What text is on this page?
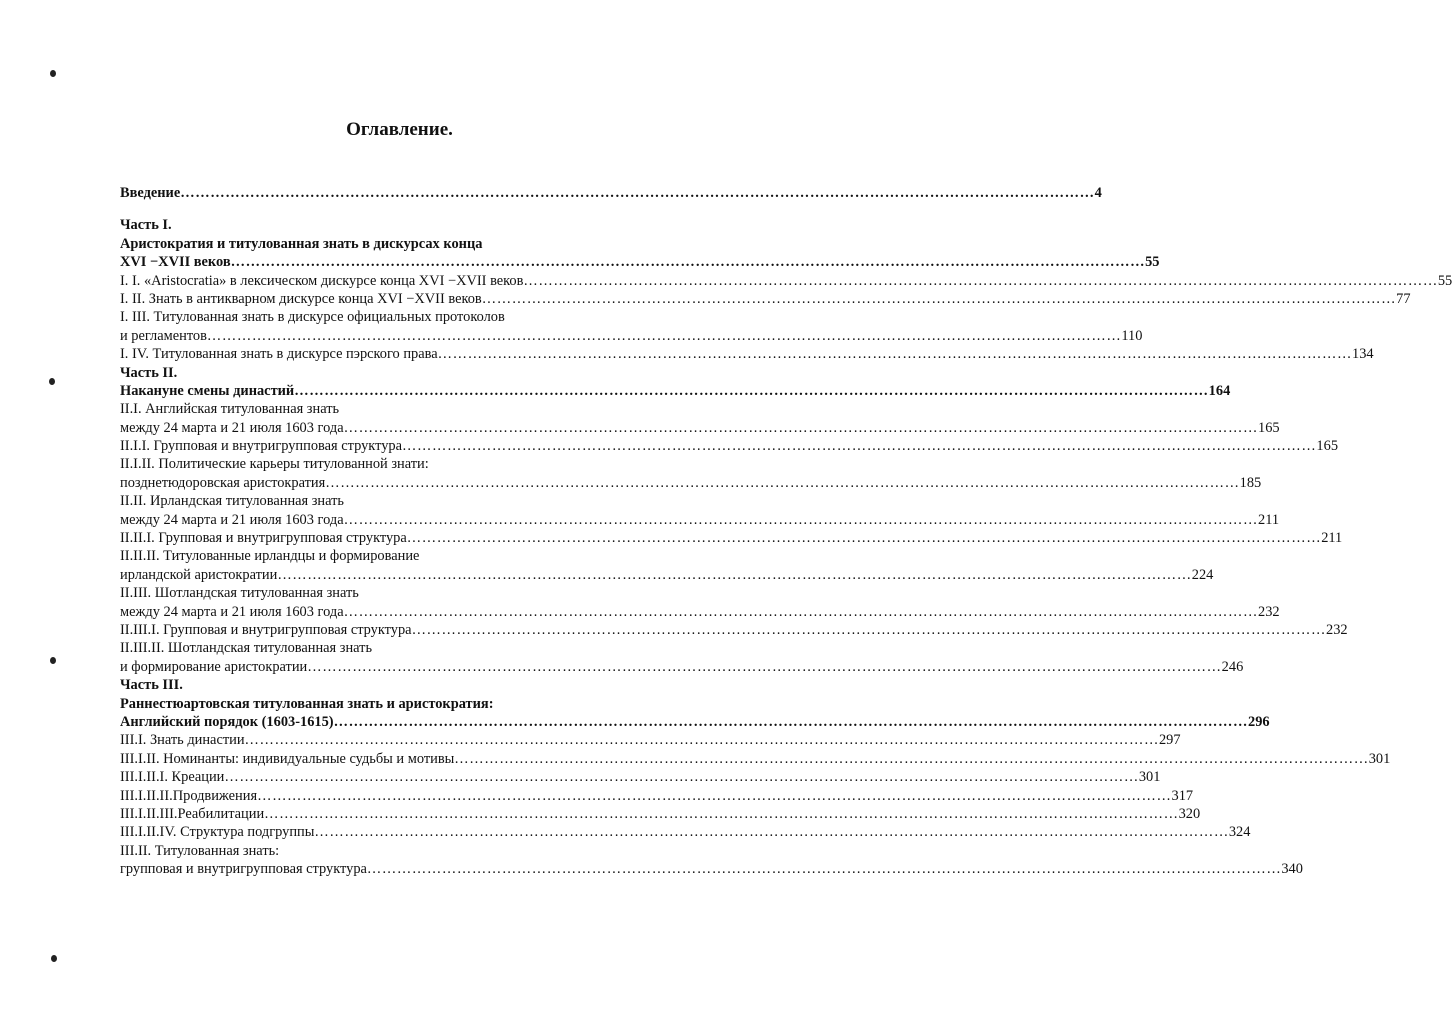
Оглавление.
Введение ………………………………………………………………………………………………………………………………………………………………… 4
Часть I.
Аристократия и титулованная знать в дискурсах конца
XVI −XVII веков ………………………………………………………………………………………………………………………………………………………………… 55
I. I. «Aristocratia» в лексическом дискурсе конца XVI −XVII веков ………………………………………………………………………………………………………………………………………………………………… 55
I. II. Знать в антикварном дискурсе конца XVI −XVII веков ………………………………………………………………………………………………………………………………………………………………… 77
I. III. Титулованная знать в дискурсе официальных протоколов
и регламентов ………………………………………………………………………………………………………………………………………………………………… 110
I. IV. Титулованная знать в дискурсе пэрского права ………………………………………………………………………………………………………………………………………………………………… 134
Часть II.
Накануне смены династий ………………………………………………………………………………………………………………………………………………………………… 164
II.I. Английская титулованная знать
между 24 марта и 21 июля 1603 года ………………………………………………………………………………………………………………………………………………………………… 165
II.I.I. Групповая и внутригрупповая структура ………………………………………………………………………………………………………………………………………………………………… 165
II.I.II. Политические карьеры титулованной знати:
позднетюдоровская аристократия ………………………………………………………………………………………………………………………………………………………………… 185
II.II. Ирландская титулованная знать
между 24 марта и 21 июля 1603 года ………………………………………………………………………………………………………………………………………………………………… 211
II.II.I. Групповая и внутригрупповая структура ………………………………………………………………………………………………………………………………………………………………… 211
II.II.II. Титулованные ирландцы и формирование
ирландской аристократии ………………………………………………………………………………………………………………………………………………………………… 224
II.III. Шотландская титулованная знать
между 24 марта и 21 июля 1603 года ………………………………………………………………………………………………………………………………………………………………… 232
II.III.I. Групповая и внутригрупповая структура ………………………………………………………………………………………………………………………………………………………………… 232
II.III.II. Шотландская титулованная знать
и формирование аристократии ………………………………………………………………………………………………………………………………………………………………… 246
Часть III.
Раннестюартовская титулованная знать и аристократия:
Английский порядок (1603-1615) ………………………………………………………………………………………………………………………………………………………………… 296
III.I. Знать династии ………………………………………………………………………………………………………………………………………………………………… 297
III.I.II. Номинанты: индивидуальные судьбы и мотивы ………………………………………………………………………………………………………………………………………………………………… 301
III.I.II.I. Креации ………………………………………………………………………………………………………………………………………………………………… 301
III.I.II.II.Продвижения ………………………………………………………………………………………………………………………………………………………………… 317
III.I.II.III.Реабилитации ………………………………………………………………………………………………………………………………………………………………… 320
III.I.II.IV. Структура подгруппы ………………………………………………………………………………………………………………………………………………………………… 324
III.II. Титулованная знать:
групповая и внутригрупповая структура ………………………………………………………………………………………………………………………………………………………………… 340
